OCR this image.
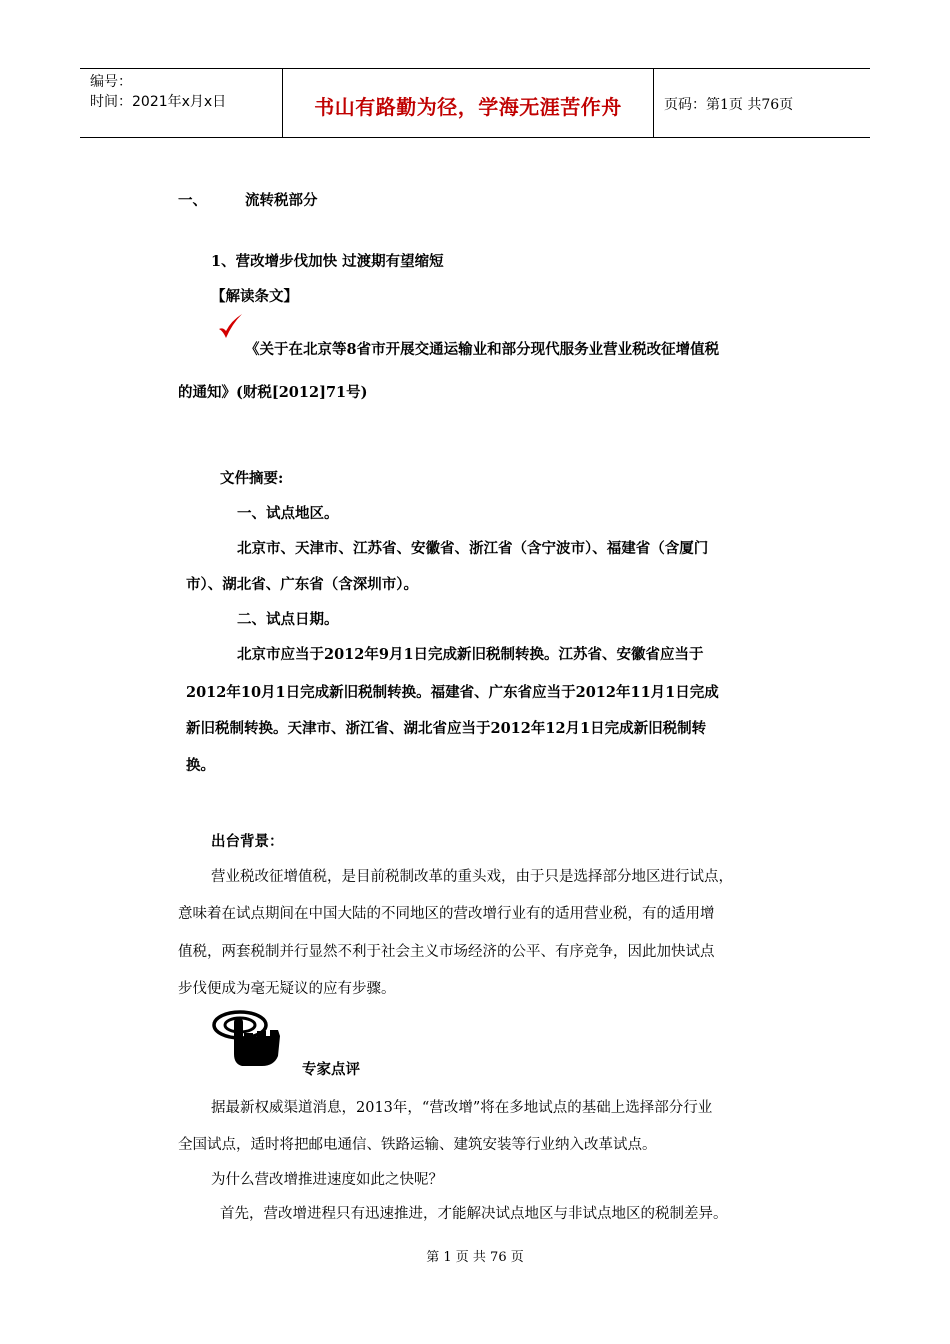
编号：
时间：2021年x月x日	书山有路勤为径，学海无涯苦作舟	页码：第1页 共76页
一、	流转税部分
1、营改增步伐加快 过渡期有望缩短
【解读条文】
《关于在北京等8省市开展交通运输业和部分现代服务业营业税改征增值税
的通知》(财税[2012]71号)
文件摘要:
一、试点地区。
北京市、天津市、江苏省、安徽省、浙江省（含宁波市）、福建省（含厦门
市）、湖北省、广东省（含深圳市）。
二、试点日期。
北京市应当于2012年9月1日完成新旧税制转换。江苏省、安徽省应当于
2012年10月1日完成新旧税制转换。福建省、广东省应当于2012年11月1日完成
新旧税制转换。天津市、浙江省、湖北省应当于2012年12月1日完成新旧税制转
换。
出台背景：
营业税改征增值税，是目前税制改革的重头戏，由于只是选择部分地区进行试点，
意味着在试点期间在中国大陆的不同地区的营改增行业有的适用营业税，有的适用增
值税，两套税制并行显然不利于社会主义市场经济的公平、有序竞争，因此加快试点
步伐便成为毫无疑议的应有步骤。
专家点评
据最新权威渠道消息，2013年，“营改增”将在多地试点的基础上选择部分行业
全国试点，适时将把邮电通信、铁路运输、建筑安装等行业纳入改革试点。
为什么营改增推进速度如此之快呢？
首先，营改增进程只有迅速推进，才能解决试点地区与非试点地区的税制差异。
第 1 页 共 76 页
